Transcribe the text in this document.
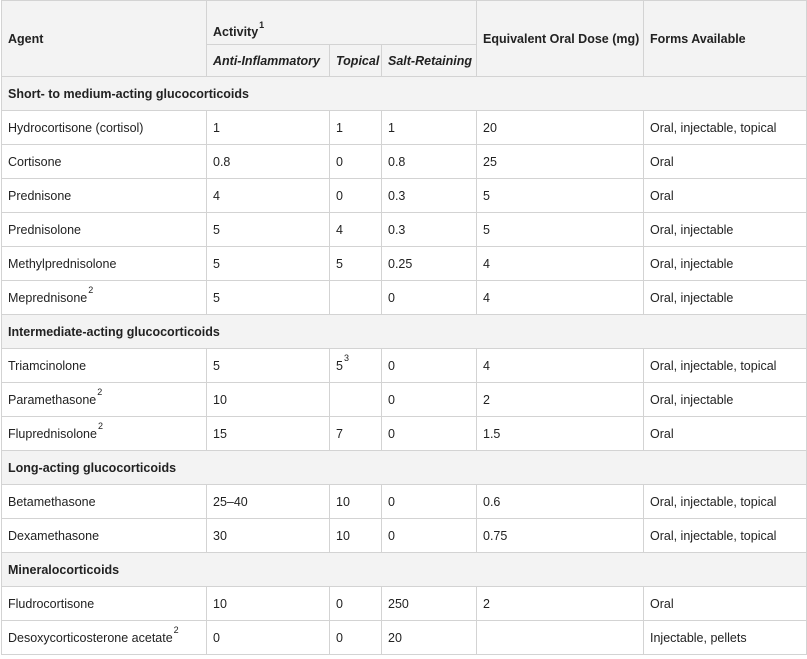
Agent	Activity$^1$			Equivalent Oral Dose (mg)	Forms Available
	Anti-Inflammatory	Topical	Salt-Retaining		
Short- to medium-acting glucocorticoids					
Hydrocortisone (cortisol)	1	1	1	20	Oral, injectable, topical
Cortisone	0.8	0	0.8	25	Oral
Prednisone	4	0	0.3	5	Oral
Prednisolone	5	4	0.3	5	Oral, injectable
Methylprednisolone	5	5	0.25	4	Oral, injectable
Meprednisone$^2$	5		0	4	Oral, injectable
Intermediate-acting glucocorticoids					
Triamcinolone	5	$5^3$	0	4	Oral, injectable, topical
Paramethasone$^2$	10		0	2	Oral, injectable
Fluprednisolone$^2$	15	7	0	1.5	Oral
Long-acting glucocorticoids					
Betamethasone	25–40	10	0	0.6	Oral, injectable, topical
Dexamethasone	30	10	0	0.75	Oral, injectable, topical
Mineralocorticoids					
Fludrocortisone	10	0	250	2	Oral
Desoxycorticosterone acetate$^2$	0	0	20		Injectable, pellets
